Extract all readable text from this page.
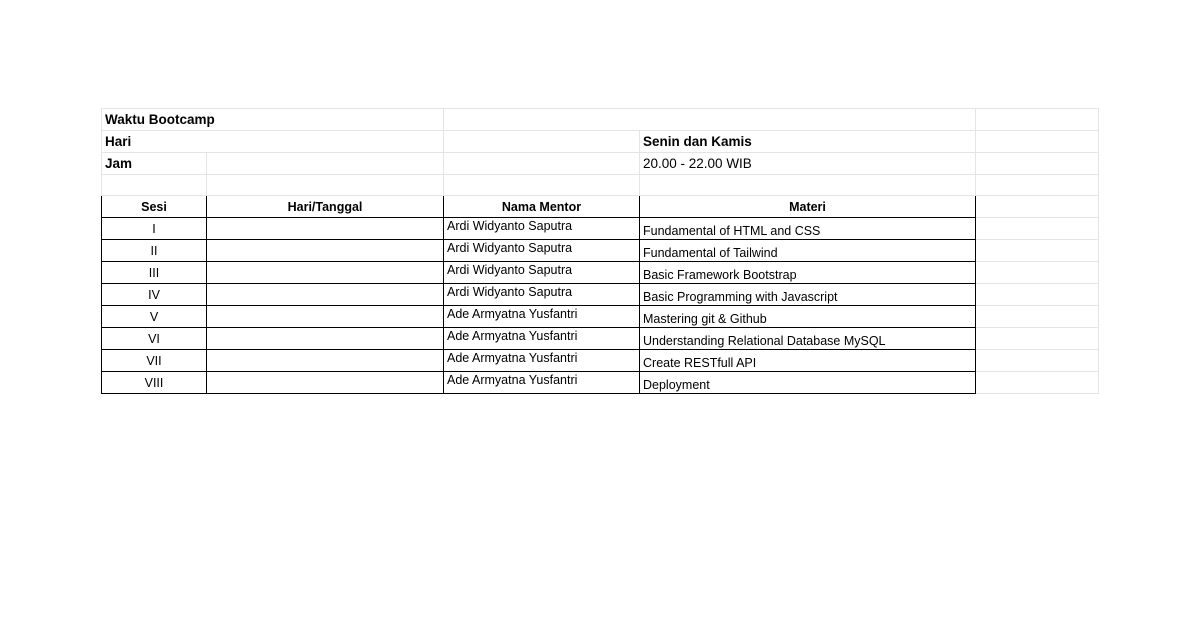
Waktu Bootcamp				
Hari			Senin dan Kamis	
Jam			20.00 - 22.00 WIB	

Sesi	Hari/Tanggal	Nama Mentor	Materi	
I		Ardi Widyanto Saputra	Fundamental of HTML and CSS	
II		Ardi Widyanto Saputra	Fundamental of Tailwind	
III		Ardi Widyanto Saputra	Basic Framework Bootstrap	
IV		Ardi Widyanto Saputra	Basic Programming with Javascript	
V		Ade Armyatna Yusfantri	Mastering git & Github	
VI		Ade Armyatna Yusfantri	Understanding Relational Database MySQL	
VII		Ade Armyatna Yusfantri	Create RESTfull API	
VIII		Ade Armyatna Yusfantri	Deployment	
